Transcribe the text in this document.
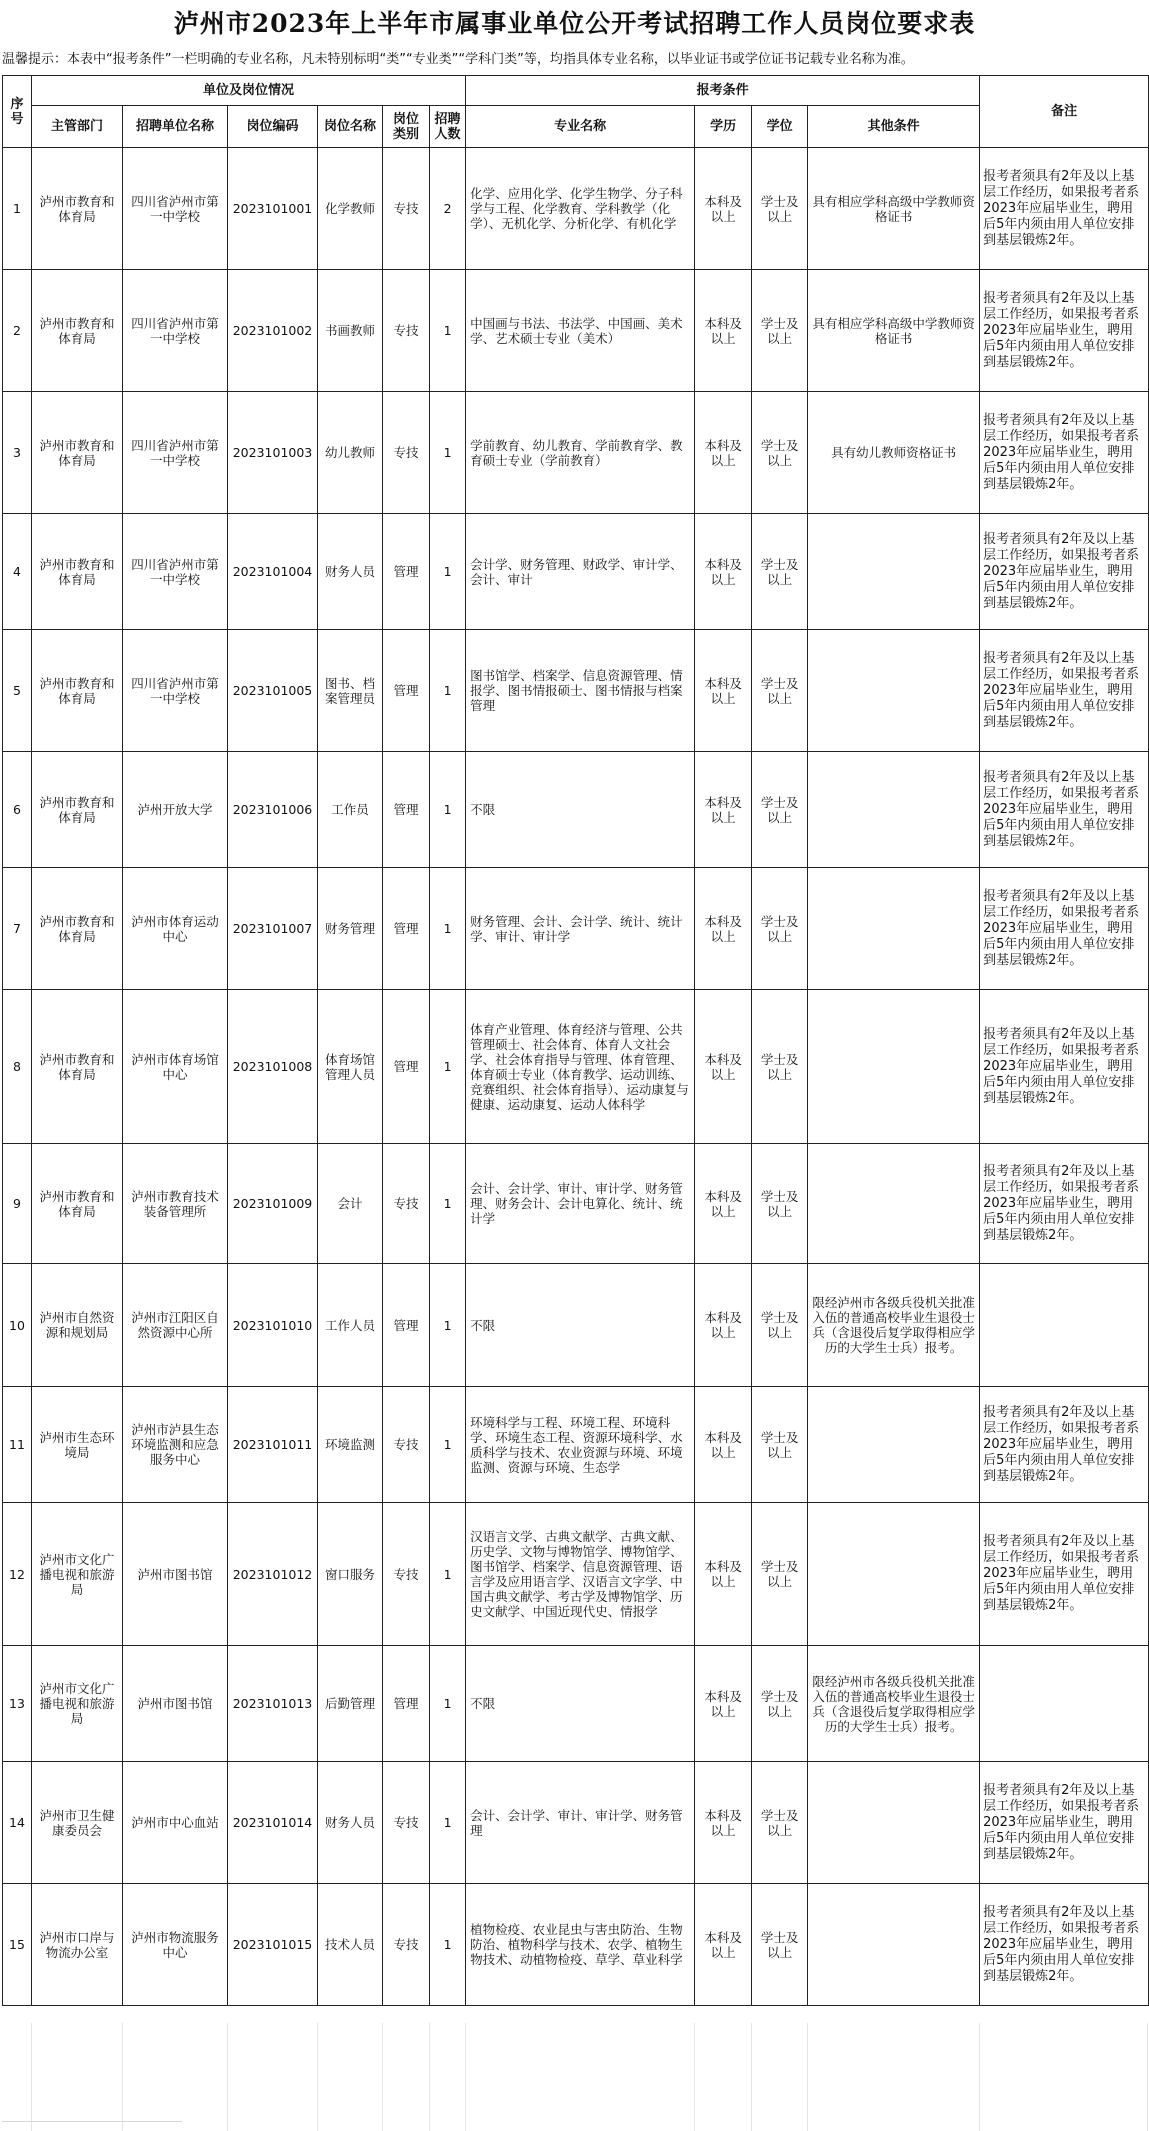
泸州市2023年上半年市属事业单位公开考试招聘工作人员岗位要求表
温馨提示：本表中“报考条件”一栏明确的专业名称，凡未特别标明“类”“专业类”“学科门类”等，均指具体专业名称，以毕业证书或学位证书记载专业名称为准。
序号	单位及岗位情况						报考条件				备注
	主管部门	招聘单位名称	岗位编码	岗位名称	岗位类别	招聘人数	专业名称	学历	学位	其他条件	
1	泸州市教育和体育局	四川省泸州市第一中学校	2023101001	化学教师	专技	2	化学、应用化学、化学生物学、分子科学与工程、化学教育、学科教学（化学）、无机化学、分析化学、有机化学	本科及以上	学士及以上	具有相应学科高级中学教师资格证书	报考者须具有2年及以上基层工作经历，如果报考者系2023年应届毕业生，聘用后5年内须由用人单位安排到基层锻炼2年。
2	泸州市教育和体育局	四川省泸州市第一中学校	2023101002	书画教师	专技	1	中国画与书法、书法学、中国画、美术学、艺术硕士专业（美术）	本科及以上	学士及以上	具有相应学科高级中学教师资格证书	报考者须具有2年及以上基层工作经历，如果报考者系2023年应届毕业生，聘用后5年内须由用人单位安排到基层锻炼2年。
3	泸州市教育和体育局	四川省泸州市第一中学校	2023101003	幼儿教师	专技	1	学前教育、幼儿教育、学前教育学、教育硕士专业（学前教育）	本科及以上	学士及以上	具有幼儿教师资格证书	报考者须具有2年及以上基层工作经历，如果报考者系2023年应届毕业生，聘用后5年内须由用人单位安排到基层锻炼2年。
4	泸州市教育和体育局	四川省泸州市第一中学校	2023101004	财务人员	管理	1	会计学、财务管理、财政学、审计学、会计、审计	本科及以上	学士及以上		报考者须具有2年及以上基层工作经历，如果报考者系2023年应届毕业生，聘用后5年内须由用人单位安排到基层锻炼2年。
5	泸州市教育和体育局	四川省泸州市第一中学校	2023101005	图书、档案管理员	管理	1	图书馆学、档案学、信息资源管理、情报学、图书情报硕士、图书情报与档案管理	本科及以上	学士及以上		报考者须具有2年及以上基层工作经历，如果报考者系2023年应届毕业生，聘用后5年内须由用人单位安排到基层锻炼2年。
6	泸州市教育和体育局	泸州开放大学	2023101006	工作员	管理	1	不限	本科及以上	学士及以上		报考者须具有2年及以上基层工作经历，如果报考者系2023年应届毕业生，聘用后5年内须由用人单位安排到基层锻炼2年。
7	泸州市教育和体育局	泸州市体育运动中心	2023101007	财务管理	管理	1	财务管理、会计、会计学、统计、统计学、审计、审计学	本科及以上	学士及以上		报考者须具有2年及以上基层工作经历，如果报考者系2023年应届毕业生，聘用后5年内须由用人单位安排到基层锻炼2年。
8	泸州市教育和体育局	泸州市体育场馆中心	2023101008	体育场馆管理人员	管理	1	体育产业管理、体育经济与管理、公共管理硕士、社会体育、体育人文社会学、社会体育指导与管理、体育管理、体育硕士专业（体育教学、运动训练、竞赛组织、社会体育指导）、运动康复与健康、运动康复、运动人体科学	本科及以上	学士及以上		报考者须具有2年及以上基层工作经历，如果报考者系2023年应届毕业生，聘用后5年内须由用人单位安排到基层锻炼2年。
9	泸州市教育和体育局	泸州市教育技术装备管理所	2023101009	会计	专技	1	会计、会计学、审计、审计学、财务管理、财务会计、会计电算化、统计、统计学	本科及以上	学士及以上		报考者须具有2年及以上基层工作经历，如果报考者系2023年应届毕业生，聘用后5年内须由用人单位安排到基层锻炼2年。
10	泸州市自然资源和规划局	泸州市江阳区自然资源中心所	2023101010	工作人员	管理	1	不限	本科及以上	学士及以上	限经泸州市各级兵役机关批准入伍的普通高校毕业生退役士兵（含退役后复学取得相应学历的大学生士兵）报考。	
11	泸州市生态环境局	泸州市泸县生态环境监测和应急服务中心	2023101011	环境监测	专技	1	环境科学与工程、环境工程、环境科学、环境生态工程、资源环境科学、水质科学与技术、农业资源与环境、环境监测、资源与环境、生态学	本科及以上	学士及以上		报考者须具有2年及以上基层工作经历，如果报考者系2023年应届毕业生，聘用后5年内须由用人单位安排到基层锻炼2年。
12	泸州市文化广播电视和旅游局	泸州市图书馆	2023101012	窗口服务	专技	1	汉语言文学、古典文献学、古典文献、历史学、文物与博物馆学、博物馆学、图书馆学、档案学、信息资源管理、语言学及应用语言学、汉语言文字学、中国古典文献学、考古学及博物馆学、历史文献学、中国近现代史、情报学	本科及以上	学士及以上		报考者须具有2年及以上基层工作经历，如果报考者系2023年应届毕业生，聘用后5年内须由用人单位安排到基层锻炼2年。
13	泸州市文化广播电视和旅游局	泸州市图书馆	2023101013	后勤管理	管理	1	不限	本科及以上	学士及以上	限经泸州市各级兵役机关批准入伍的普通高校毕业生退役士兵（含退役后复学取得相应学历的大学生士兵）报考。	
14	泸州市卫生健康委员会	泸州市中心血站	2023101014	财务人员	专技	1	会计、会计学、审计、审计学、财务管理	本科及以上	学士及以上		报考者须具有2年及以上基层工作经历，如果报考者系2023年应届毕业生，聘用后5年内须由用人单位安排到基层锻炼2年。
15	泸州市口岸与物流办公室	泸州市物流服务中心	2023101015	技术人员	专技	1	植物检疫、农业昆虫与害虫防治、生物防治、植物科学与技术、农学、植物生物技术、动植物检疫、草学、草业科学	本科及以上	学士及以上		报考者须具有2年及以上基层工作经历，如果报考者系2023年应届毕业生，聘用后5年内须由用人单位安排到基层锻炼2年。
